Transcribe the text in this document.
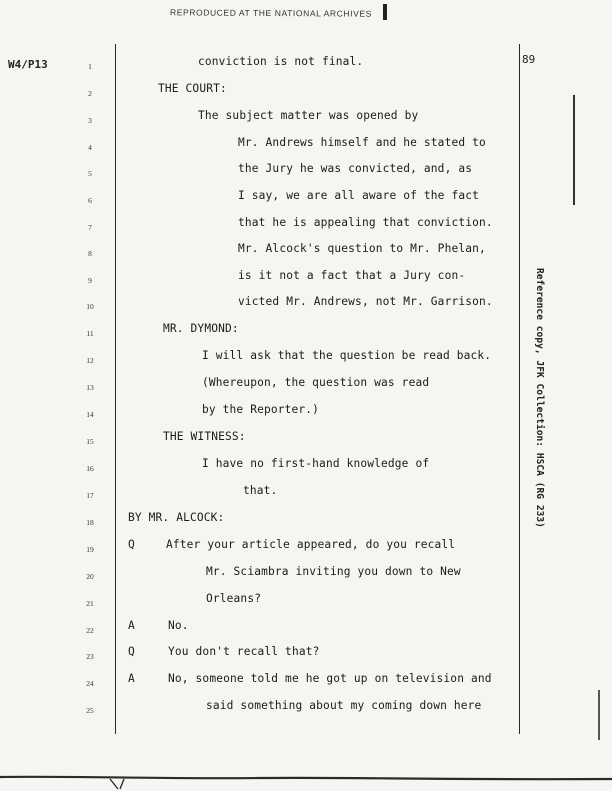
REPRODUCED AT THE NATIONAL ARCHIVES
W4/P13	89
1
2
3
4
5
6
7
8
9
10
11
12
13
14
15
16
17
18
19
20
21
22
23
24
25
conviction is not final.
THE COURT:
The subject matter was opened by
Mr. Andrews himself and he stated to
the Jury he was convicted, and, as
I say, we are all aware of the fact
that he is appealing that conviction.
Mr. Alcock's question to Mr. Phelan,
is it not a fact that a Jury con-
victed Mr. Andrews, not Mr. Garrison.
MR. DYMOND:
I will ask that the question be read back.
(Whereupon, the question was read
by the Reporter.)
THE WITNESS:
I have no first-hand knowledge of
that.
BY MR. ALCOCK:
Q	After your article appeared, do you recall
Mr. Sciambra inviting you down to New
Orleans?
A	No.
Q	You don't recall that?
A	No, someone told me he got up on television and
said something about my coming down here
Reference copy, JFK Collection: HSCA (RG 233)
